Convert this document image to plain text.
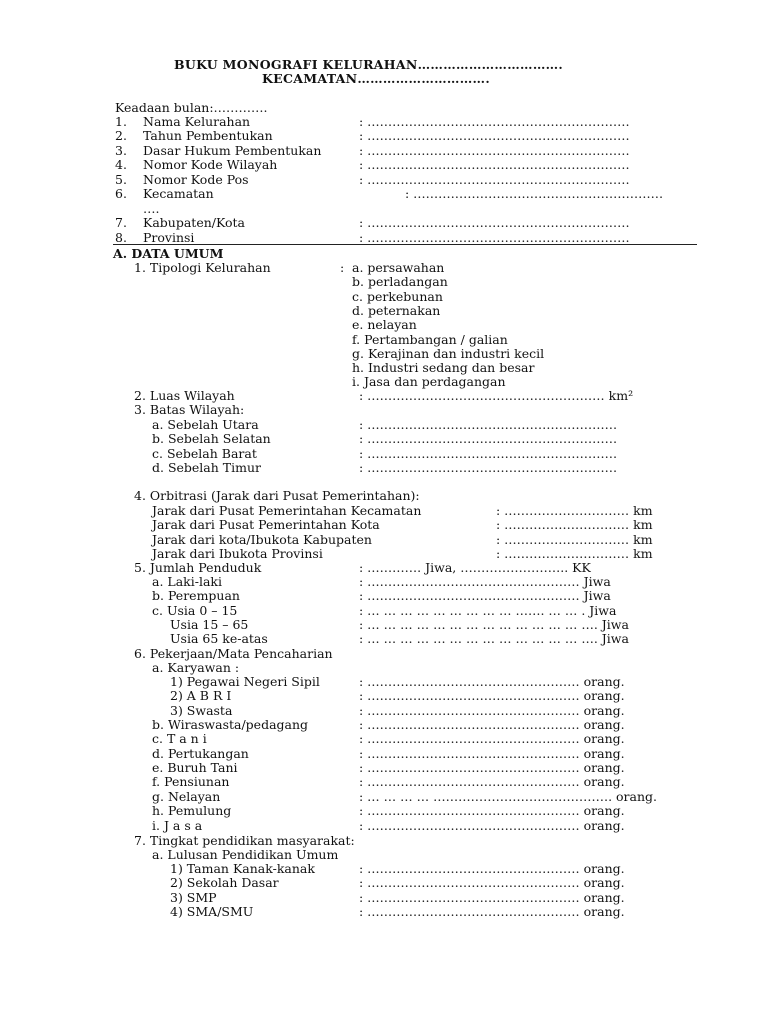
BUKU MONOGRAFI KELURAHAN…………………………….
KECAMATAN………………………….
Keadaan bulan:………….
1. Nama Kelurahan	: ………………………………………………………
2. Tahun Pembentukan	: ………………………………………………………
3. Dasar Hukum Pembentukan	: ………………………………………………………
4. Nomor Kode Wilayah	: ………………………………………………………
5. Nomor Kode Pos	: ………………………………………………………
6. Kecamatan	: ……………………………………………………
….
7. Kabupaten/Kota	: ………………………………………………………
8. Provinsi	: ………………………………………………………
A. DATA UMUM
1. Tipologi Kelurahan	: a. persawahan
b. perladangan
c. perkebunan
d. peternakan
e. nelayan
f. Pertambangan / galian
g. Kerajinan dan industri kecil
h. Industri sedang dan besar
i. Jasa dan perdagangan
2. Luas Wilayah	: ………………………………………………… km²
3. Batas Wilayah:
a. Sebelah Utara	: ……………………………………………………
b. Sebelah Selatan	: ……………………………………………………
c. Sebelah Barat	: ……………………………………………………
d. Sebelah Timur	: ……………………………………………………
4. Orbitrasi (Jarak dari Pusat Pemerintahan):
Jarak dari Pusat Pemerintahan Kecamatan	: ………………………… km
Jarak dari Pusat Pemerintahan Kota	: ………………………… km
Jarak dari kota/Ibukota Kabupaten	: ………………………… km
Jarak dari Ibukota Provinsi	: ………………………… km
5. Jumlah Penduduk	: …………. Jiwa, …………………….. KK
a. Laki-laki	: …………………………………………… Jiwa
b. Perempuan	: …………………………………………… Jiwa
c. Usia 0 – 15	: … … … … … … … … … ……. … … . Jiwa
Usia 15 – 65	: … … … … … … … … … … … … … …. Jiwa
Usia 65 ke-atas	: … … … … … … … … … … … … … …. Jiwa
6. Pekerjaan/Mata Pencaharian
a. Karyawan :
1) Pegawai Negeri Sipil	: …………………………………………… orang.
2) A B R I	: …………………………………………… orang.
3) Swasta	: …………………………………………… orang.
b. Wiraswasta/pedagang	: …………………………………………… orang.
c. T a n i	: …………………………………………… orang.
d. Pertukangan	: …………………………………………… orang.
e. Buruh Tani	: …………………………………………… orang.
f. Pensiunan	: …………………………………………… orang.
g. Nelayan	: … … … … ……………………………………. orang.
h. Pemulung	: …………………………………………… orang.
i. J a s a	: …………………………………………… orang.
7. Tingkat pendidikan masyarakat:
a. Lulusan Pendidikan Umum
1) Taman Kanak-kanak	: …………………………………………… orang.
2) Sekolah Dasar	: …………………………………………… orang.
3) SMP	: …………………………………………… orang.
4) SMA/SMU	: …………………………………………… orang.
